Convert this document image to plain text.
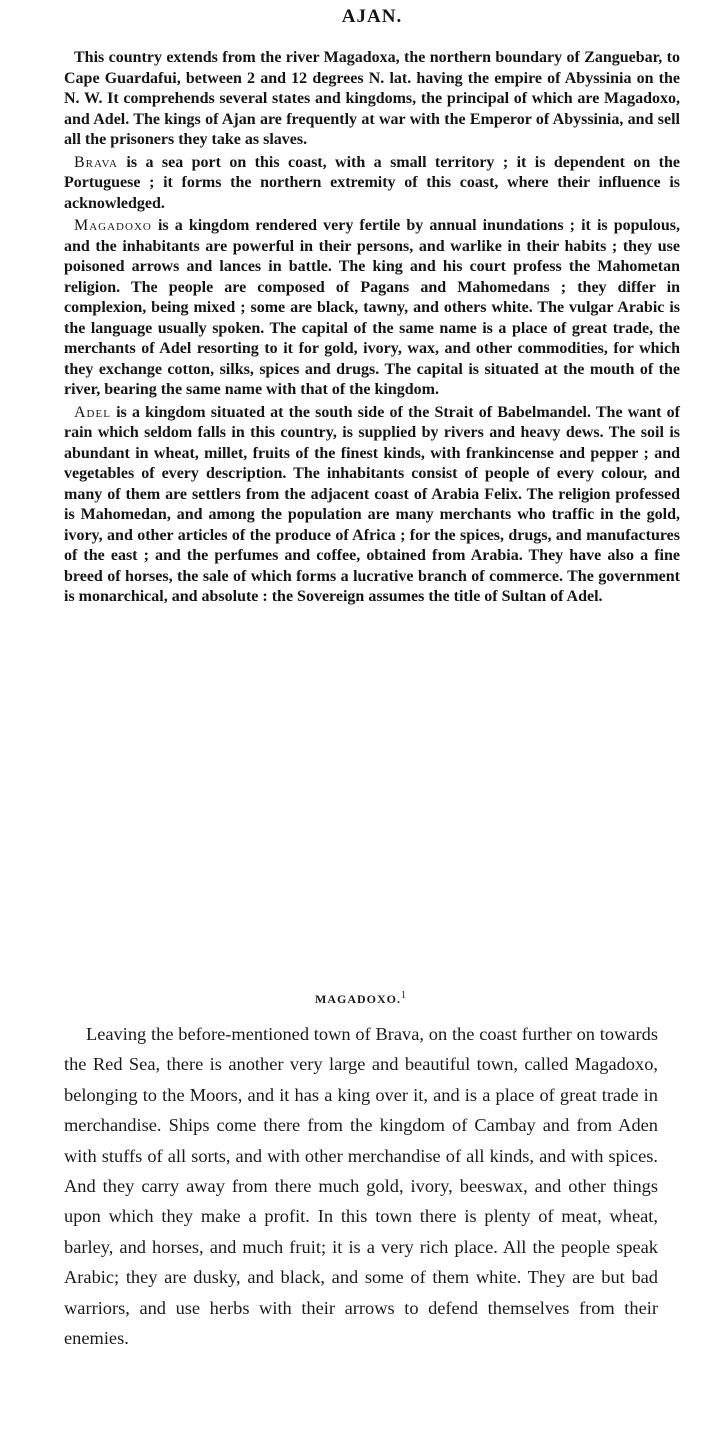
AJAN.

This country extends from the river Magadoxa, the northern boundary of Zanguebar, to Cape Guardafui, between 2 and 12 degrees N. lat. having the empire of Abyssinia on the N. W. It comprehends several states and kingdoms, the principal of which are Magadoxo, and Adel. The kings of Ajan are frequently at war with the Emperor of Abyssinia, and sell all the prisoners they take as slaves.

Brava is a sea port on this coast, with a small territory ; it is dependent on the Portuguese ; it forms the northern extremity of this coast, where their influence is acknowledged.

Magadoxo is a kingdom rendered very fertile by annual inundations ; it is populous, and the inhabitants are powerful in their persons, and warlike in their habits ; they use poisoned arrows and lances in battle. The king and his court profess the Mahometan religion. The people are composed of Pagans and Mahomedans ; they differ in complexion, being mixed ; some are black, tawny, and others white. The vulgar Arabic is the language usually spoken. The capital of the same name is a place of great trade, the merchants of Adel resorting to it for gold, ivory, wax, and other commodities, for which they exchange cotton, silks, spices and drugs. The capital is situated at the mouth of the river, bearing the same name with that of the kingdom.

Adel is a kingdom situated at the south side of the Strait of Babelmandel. The want of rain which seldom falls in this country, is supplied by rivers and heavy dews. The soil is abundant in wheat, millet, fruits of the finest kinds, with frankincense and pepper ; and vegetables of every description. The inhabitants consist of people of every colour, and many of them are settlers from the adjacent coast of Arabia Felix. The religion professed is Mahomedan, and among the population are many merchants who traffic in the gold, ivory, and other articles of the produce of Africa ; for the spices, drugs, and manufactures of the east ; and the perfumes and coffee, obtained from Arabia. They have also a fine breed of horses, the sale of which forms a lucrative branch of commerce. The government is monarchical, and absolute : the Sovereign assumes the title of Sultan of Adel.

MAGADOXO.$^1$

Leaving the before-mentioned town of Brava, on the coast further on towards the Red Sea, there is another very large and beautiful town, called Magadoxo, belonging to the Moors, and it has a king over it, and is a place of great trade in merchandise. Ships come there from the kingdom of Cambay and from Aden with stuffs of all sorts, and with other merchandise of all kinds, and with spices. And they carry away from there much gold, ivory, beeswax, and other things upon which they make a profit. In this town there is plenty of meat, wheat, barley, and horses, and much fruit; it is a very rich place. All the people speak Arabic; they are dusky, and black, and some of them white. They are but bad warriors, and use herbs with their arrows to defend themselves from their enemies.
